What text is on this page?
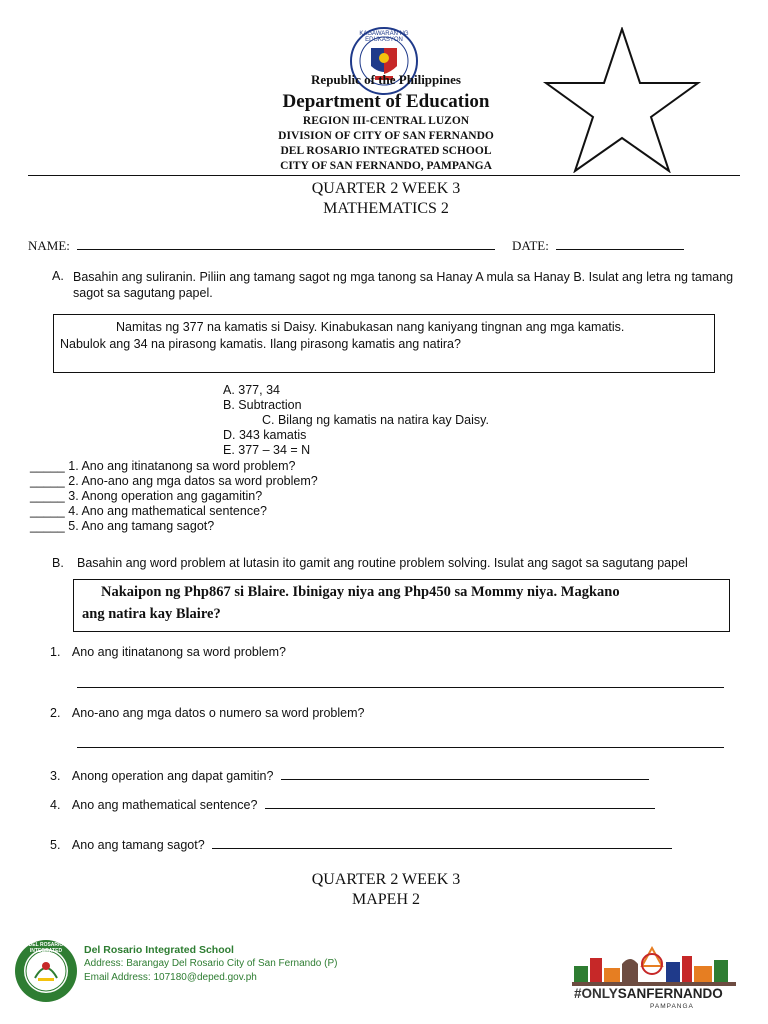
KAGAWARAN NG EDUKASYON
Republic of the Philippines
Department of Education
REGION III-CENTRAL LUZON
DIVISION OF CITY OF SAN FERNANDO
DEL ROSARIO INTEGRATED SCHOOL
CITY OF SAN FERNANDO, PAMPANGA
QUARTER 2 WEEK 3
MATHEMATICS 2
NAME:	DATE:
A. Basahin ang suliranin. Piliin ang tamang sagot ng mga tanong sa Hanay A mula sa Hanay B. Isulat ang letra ng tamang sagot sa sagutang papel.
Namitas ng 377 na kamatis si Daisy. Kinabukasan nang kaniyang tingnan ang mga kamatis.
Nabulok ang 34 na pirasong kamatis. Ilang pirasong kamatis ang natira?
A. 377, 34
B. Subtraction
C. Bilang ng kamatis na natira kay Daisy.
D. 343 kamatis
E. 377 – 34 = N
_____ 1. Ano ang itinatanong sa word problem?
_____ 2. Ano-ano ang mga datos sa word problem?
_____ 3. Anong operation ang gagamitin?
_____ 4. Ano ang mathematical sentence?
_____ 5. Ano ang tamang sagot?
B. Basahin ang word problem at lutasin ito gamit ang routine problem solving. Isulat ang sagot sa sagutang papel
Nakaipon ng Php867 si Blaire. Ibinigay niya ang Php450 sa Mommy niya. Magkano
ang natira kay Blaire?
1. Ano ang itinatanong sa word problem?
2. Ano-ano ang mga datos o numero sa word problem?
3. Anong operation ang dapat gamitin?
4. Ano ang mathematical sentence?
5. Ano ang tamang sagot?
QUARTER 2 WEEK 3
MAPEH 2
DEL ROSARIO INTEGRATED	Del Rosario Integrated School
Address: Barangay Del Rosario City of San Fernando (P)
Email Address: 107180@deped.gov.ph
#ONLYSANFERNANDO
PAMPANGA
